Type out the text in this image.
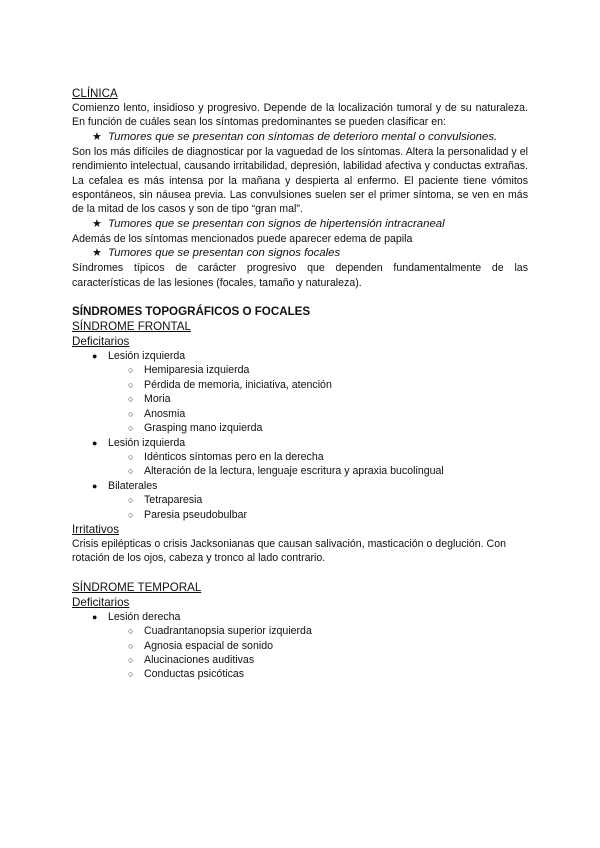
CLÍNICA
Comienzo lento, insidioso y progresivo. Depende de la localización tumoral y de su naturaleza. En función de cuáles sean los síntomas predominantes se pueden clasificar en:
★ Tumores que se presentan con síntomas de deterioro mental o convulsiones.
Son los más difíciles de diagnosticar por la vaguedad de los síntomas. Altera la personalidad y el rendimiento intelectual, causando irritabilidad, depresión, labilidad afectiva y conductas extrañas. La cefalea es más intensa por la mañana y despierta al enfermo. El paciente tiene vómitos espontáneos, sin náusea previa. Las convulsiones suelen ser el primer síntoma, se ven en más de la mitad de los casos y son de tipo “gran mal”.
★ Tumores que se presentan con signos de hipertensión intracraneal
Además de los síntomas mencionados puede aparecer edema de papila
★ Tumores que se presentan con signos focales
Síndromes típicos de carácter progresivo que dependen fundamentalmente de las características de las lesiones (focales, tamaño y naturaleza).
SÍNDROMES TOPOGRÁFICOS O FOCALES
SÍNDROME FRONTAL
Deficitarios
● Lesión izquierda
○ Hemiparesia izquierda
○ Pérdida de memoria, iniciativa, atención
○ Moria
○ Anosmia
○ Grasping mano izquierda
● Lesión izquierda
○ Idénticos síntomas pero en la derecha
○ Alteración de la lectura, lenguaje escritura y apraxia bucolingual
● Bilaterales
○ Tetraparesia
○ Paresia pseudobulbar
Irritativos
Crisis epilépticas o crisis Jacksonianas que causan salivación, masticación o deglución. Con rotación de los ojos, cabeza y tronco al lado contrario.
SÍNDROME TEMPORAL
Deficitarios
● Lesión derecha
○ Cuadrantanopsia superior izquierda
○ Agnosia espacial de sonido
○ Alucinaciones auditivas
○ Conductas psicóticas
